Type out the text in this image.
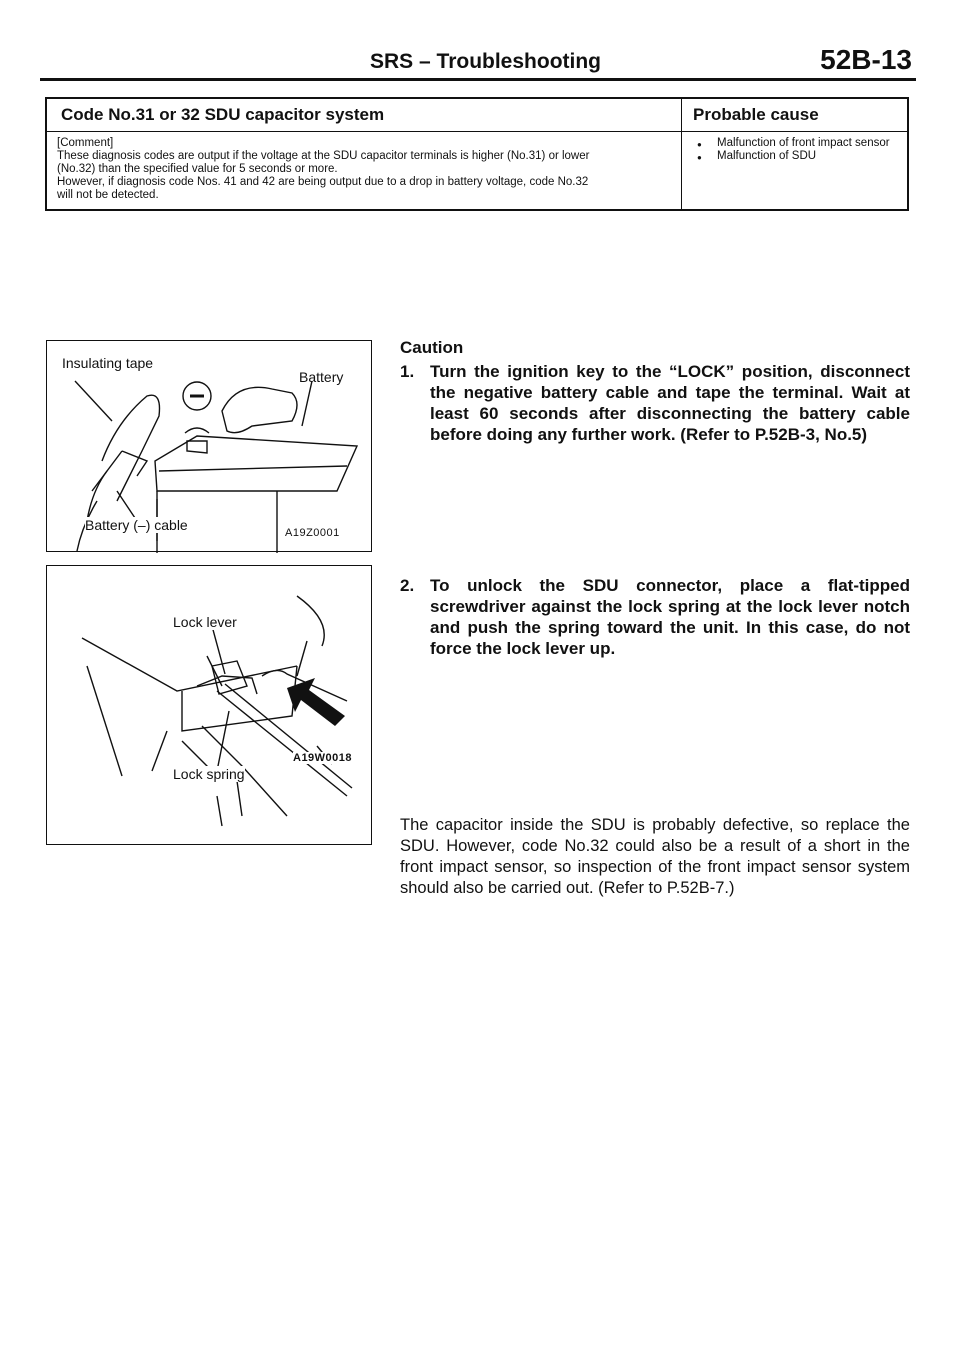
SRS – Troubleshooting	52B-13
Code No.31 or 32 SDU capacitor system	Probable cause
[Comment]
These diagnosis codes are output if the voltage at the SDU capacitor terminals is higher (No.31) or lower
(No.32) than the specified value for 5 seconds or more.
However, if diagnosis code Nos. 41 and 42 are being output due to a drop in battery voltage, code No.32
will not be detected.
● Malfunction of front impact sensor
● Malfunction of SDU
Insulating tape
Battery
Battery (–) cable	A19Z0001
Lock lever
Lock spring
A19W0018
Caution
1. Turn the ignition key to the “LOCK” position, disconnect the negative battery cable and tape the terminal. Wait at least 60 seconds after disconnecting the battery cable before doing any further work. (Refer to P.52B-3, No.5)
2. To unlock the SDU connector, place a flat-tipped screwdriver against the lock spring at the lock lever notch and push the spring toward the unit. In this case, do not force the lock lever up.
The capacitor inside the SDU is probably defective, so replace the SDU. However, code No.32 could also be a result of a short in the front impact sensor, so inspection of the front impact sensor system should also be carried out. (Refer to P.52B-7.)
